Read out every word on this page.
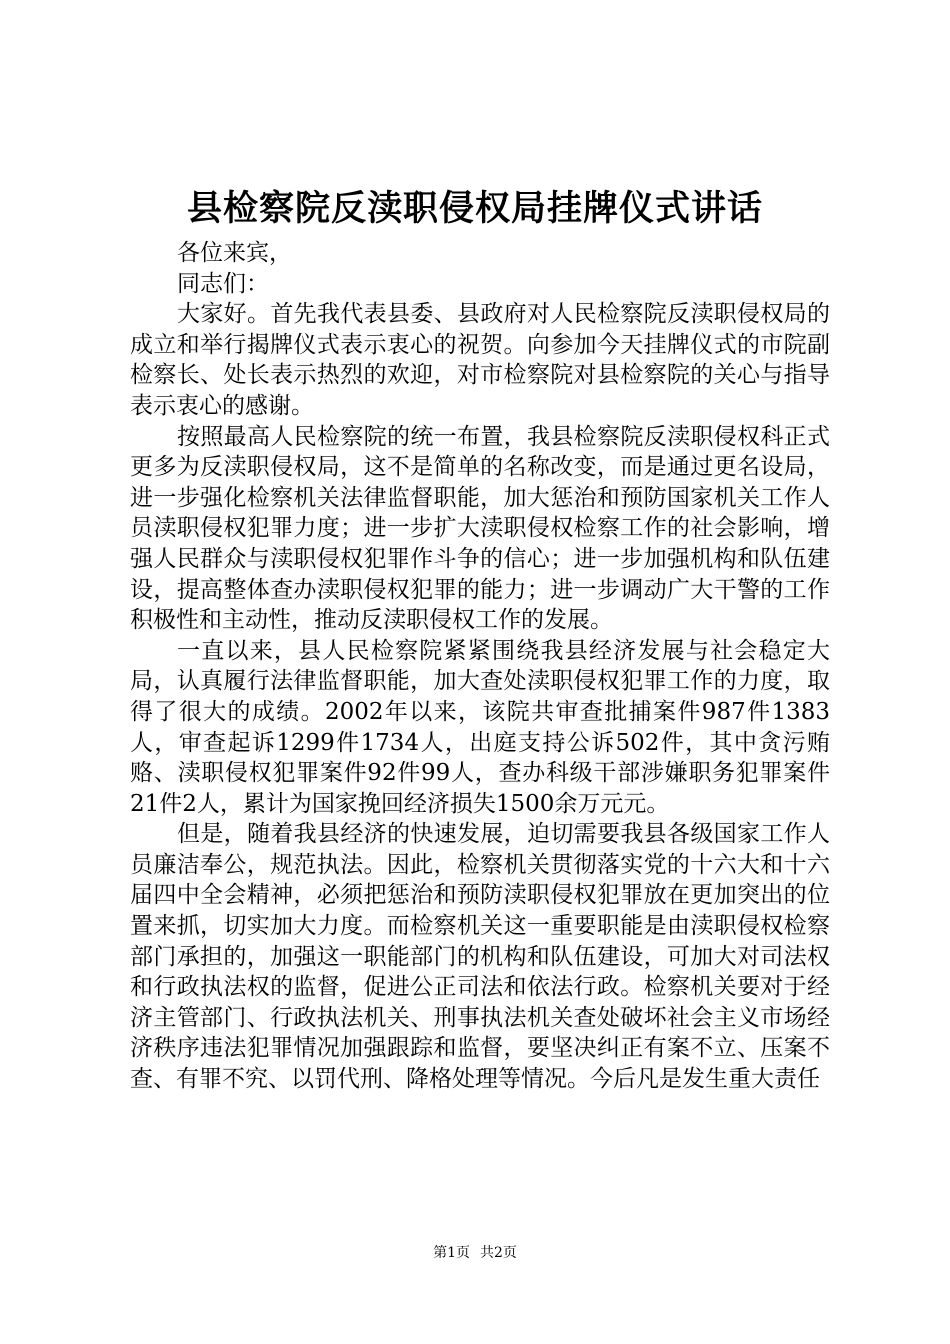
县检察院反渎职侵权局挂牌仪式讲话

各位来宾，

同志们：

大家好。首先我代表县委、县政府对人民检察院反渎职侵权局的成立和举行揭牌仪式表示衷心的祝贺。向参加今天挂牌仪式的市院副检察长、处长表示热烈的欢迎，对市检察院对县检察院的关心与指导表示衷心的感谢。

按照最高人民检察院的统一布置，我县检察院反渎职侵权科正式更多为反渎职侵权局，这不是简单的名称改变，而是通过更名设局，进一步强化检察机关法律监督职能，加大惩治和预防国家机关工作人员渎职侵权犯罪力度；进一步扩大渎职侵权检察工作的社会影响，增强人民群众与渎职侵权犯罪作斗争的信心；进一步加强机构和队伍建设，提高整体查办渎职侵权犯罪的能力；进一步调动广大干警的工作积极性和主动性，推动反渎职侵权工作的发展。

一直以来，县人民检察院紧紧围绕我县经济发展与社会稳定大局，认真履行法律监督职能，加大查处渎职侵权犯罪工作的力度，取得了很大的成绩。2002年以来，该院共审查批捕案件987件1383人，审查起诉1299件1734人，出庭支持公诉502件，其中贪污贿赂、渎职侵权犯罪案件92件99人，查办科级干部涉嫌职务犯罪案件21件2人，累计为国家挽回经济损失1500余万元元。

但是，随着我县经济的快速发展，迫切需要我县各级国家工作人员廉洁奉公，规范执法。因此，检察机关贯彻落实党的十六大和十六届四中全会精神，必须把惩治和预防渎职侵权犯罪放在更加突出的位置来抓，切实加大力度。而检察机关这一重要职能是由渎职侵权检察部门承担的，加强这一职能部门的机构和队伍建设，可加大对司法权和行政执法权的监督，促进公正司法和依法行政。检察机关要对于经济主管部门、行政执法机关、刑事执法机关查处破坏社会主义市场经济秩序违法犯罪情况加强跟踪和监督，要坚决纠正有案不立、压案不查、有罪不究、以罚代刑、降格处理等情况。今后凡是发生重大责任

第1页 共2页
